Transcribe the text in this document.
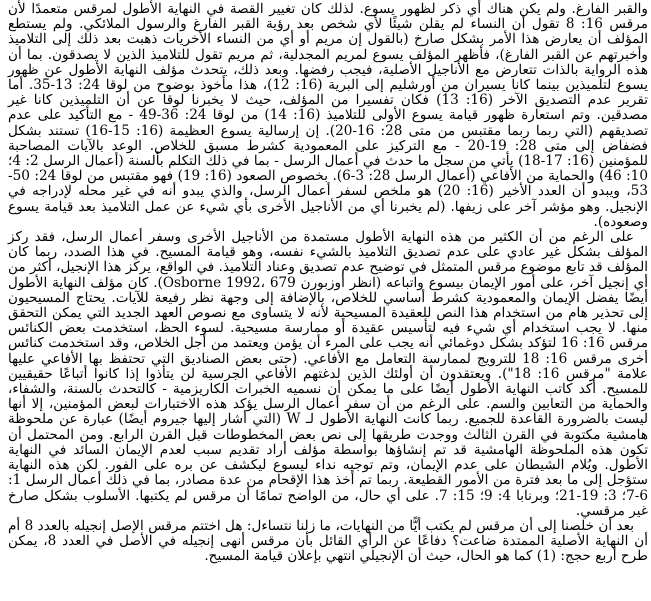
والقبر الفارغ. ولم يكن هناك أي ذكر لظهور يسوع. لذلك كان تغيير القصة في النهاية الأطول لمرقس متعمدًا لأن مرقس 16: 8 تقول أن النساء لم يقلن شيئًا لأي شخص بعد رؤية القبر الفارغ والرسول الملائكي. ولم يستطع المؤلف أن يعارض هذا الأمر بشكل صارخ (بالقول إن مريم أو أي من النساء الأخريات ذهبت بعد ذلك إلى التلاميذ وأخبرتهم عن القبر الفارغ)، فأظهر المؤلف يسوع لمريم المجدلية، ثم مريم تقول للتلاميذ الذين لا يصدقون. بما أن هذه الرواية بالذات تتعارض مع الأناجيل الأصلية، فيجب رفضها. وبعد ذلك، يتحدث مؤلف النهاية الأطول عن ظهور يسوع لتلميذين بينما كانا يسيران من أورشليم إلى البرية (16: 12)، هذا مأخوذ بوضوح من لوقا 24: 13-35. أما تقرير عدم التصديق الآخر (16: 13) فكان تفسيرا من المؤلف، حيث لا يخبرنا لوقا عن أن التلميذين كانا غير مصدقين. وتم استعارة ظهور قيامة يسوع الأولى للتلاميذ (16: 14) من لوقا 24: 36-49 - مع التأكيد على عدم تصديقهم (التي ربما ربما مقتبس من متى 28: 16-20). إن إرسالية يسوع العظيمة (16: 15-16) تستند بشكل فضفاض إلى متى 28: 19-20 - مع التركيز على المعمودية كشرط مسبق للخلاص. الوعد بالآيات المصاحبة للمؤمنين (16: 17-18) يأتي من سجل ما حدث في أعمال الرسل - بما في ذلك التكلم بألسنة (أعمال الرسل 2: 4؛ 10: 46) والحماية من الأفاعي (أعمال الرسل 28: 3-6). بخصوص الصعود (16: 19) فهو مقتبس من لوقا 24: 50-53، ويبدو أن العدد الأخير (16: 20) هو ملخص لسفر أعمال الرسل، والذي يبدو أنه في غير محله لإدراجه في الإنجيل. وهو مؤشر آخر على زيفها. (لم يخبرنا أي من الأناجيل الأخرى بأي شيء عن عمل التلاميذ بعد قيامة يسوع وصعوده).

على الرغم من أن الكثير من هذه النهاية الأطول مستمدة من الأناجيل الأخرى وسفر أعمال الرسل، فقد ركز المؤلف بشكل غير عادي على عدم تصديق التلاميذ بالشيء نفسه، وهو قيامة المسيح. في هذا الصدد، ربما كان المؤلف قد تابع موضوع مرقس المتمثل في توضيح عدم تصديق وعناد التلاميذ. في الواقع، يركز هذا الإنجيل، أكثر من أي إنجيل آخر، على أمور الإيمان بيسوع واتباعه (انظر أوزبورن Osborne 1992، 679). كان مؤلف النهاية الأطول أيضًا يفضل الإيمان والمعمودية كشرط أساسي للخلاص، بالإضافة إلى وجهة نظر رفيعة للآيات. يحتاج المسيحيون إلى تحذير هام من استخدام هذا النص للعقيدة المسيحية لأنه لا يتساوى مع نصوص العهد الجديد التي يمكن التحقق منها. لا يجب استخدام أي شيء فيه لتأسيس عقيدة أو ممارسة مسيحية. لسوء الحظ، استخدمت بعض الكنائس مرقس 16: 16 لتؤكد بشكل دوغمائي أنه يجب على المرء أن يؤمن ويعتمد من أجل الخلاص، وقد استخدمت كنائس أخرى مرقس 16: 18 للترويج لممارسة التعامل مع الأفاعي. (حتى بعض الصناديق التي تحتفظ بها الأفاعي عليها علامة "مرقس 16: 18"). ويعتقدون أن أولئك الذين لدغتهم الأفاعي الجرسية لن يتأذوا إذا كانوا أتباعًا حقيقيين للمسيح. أكد كاتب النهاية الأطول أيضًا على ما يمكن أن نسميه الخبرات الكاريزمية - كالتحدث بالسنة، والشفاء، والحماية من التعابين والسم. على الرغم من أن سفر أعمال الرسل يؤكد هذه الاختبارات لبعض المؤمنين، إلا أنها ليست بالضرورة القاعدة للجميع. ربما كانت النهاية الأطول لـ W (التي أشار إليها جيروم أيضًا) عبارة عن ملحوظة هامشية مكتوبة في القرن الثالث ووجدت طريقها إلى نص بعض المخطوطات قبل القرن الرابع. ومن المحتمل أن تكون هذه الملحوظة الهامشية قد تم إنشاؤها بواسطة مؤلف أراد تقديم سبب لعدم الإيمان السائد في النهاية الأطول. ويُلام الشيطان على عدم الإيمان، وتم توجيه نداء ليسوع ليكشف عن بره على الفور. لكن هذه النهاية ستؤجل إلى ما بعد فترة من الأمور القطيعة. ربما تم أخذ هذا الإقحام من عدة مصادر، بما في ذلك أعمال الرسل 1: 6-7؛ 3: 19-21؛ وبرنابا 4: 9؛ 15: 7. على أي حال، من الواضح تمامًا أن مرقس لم يكتبها. الأسلوب بشكل صارخ غير مرقسي.

بعد أن خلصنا إلى أن مرقس لم يكتب أيًّا من النهايات، ما زلنا نتساءل: هل اختتم مرقس الإصل إنجيله بالعدد 8 أم أن النهاية الأصلية الممتدة ضاعت؟ دفاعًا عن الرأي القائل بأن مرقس أنهى إنجيله في الأصل في العدد 8، يمكن طرح أربع حجج: (1) كما هو الحال، حيث أن الإنجيلي انتهي بإعلان قيامة المسيح.
